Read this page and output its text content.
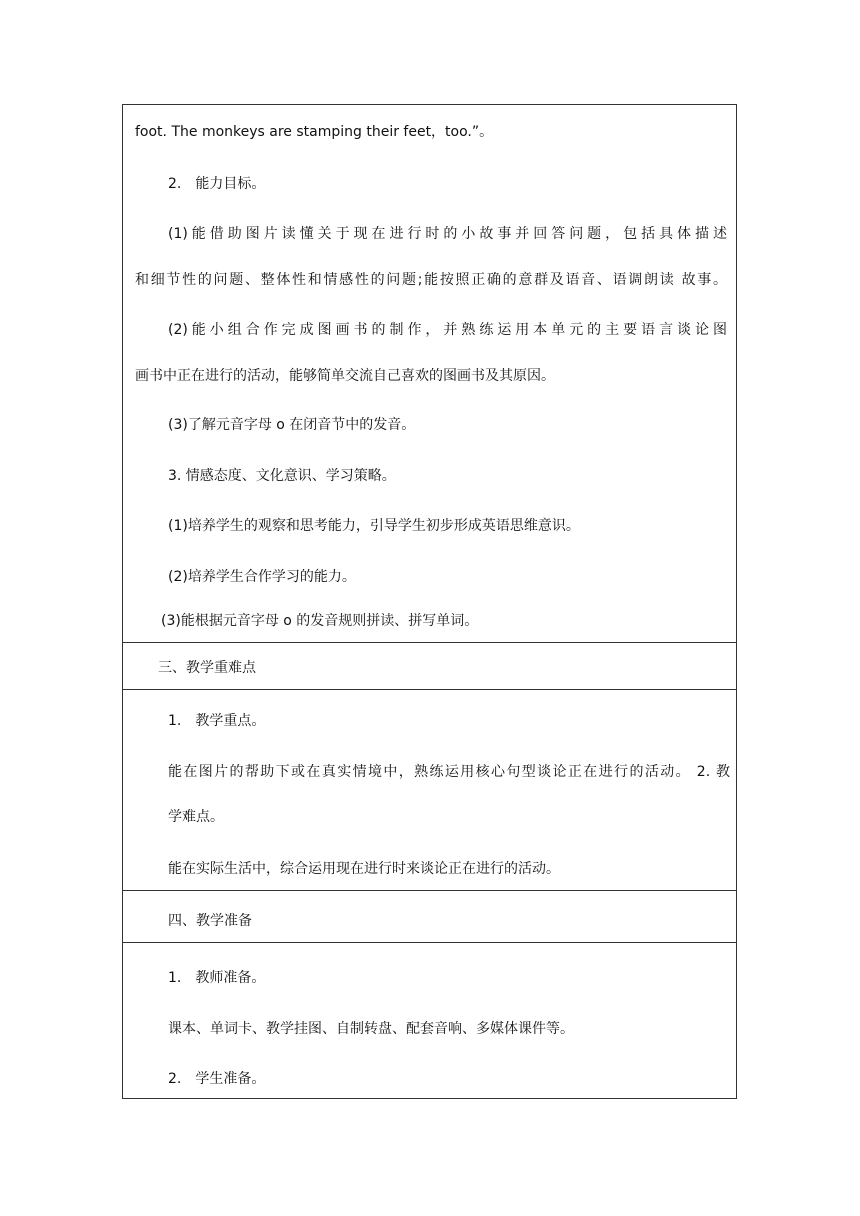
foot. The monkeys are stamping their feet，too.”。
2. 能力目标。
(1)能借助图片读懂关于现在进行时的小故事并回答问题，包括具体描述
和细节性的问题、整体性和情感性的问题;能按照正确的意群及语音、语调朗读 故事。
(2)能小组合作完成图画书的制作，并熟练运用本单元的主要语言谈论图
画书中正在进行的活动，能够简单交流自己喜欢的图画书及其原因。
(3)了解元音字母 o 在闭音节中的发音。
3. 情感态度、文化意识、学习策略。
(1)培养学生的观察和思考能力，引导学生初步形成英语思维意识。
(2)培养学生合作学习的能力。
(3)能根据元音字母 o 的发音规则拼读、拼写单词。
三、教学重难点
1. 教学重点。
能在图片的帮助下或在真实情境中，熟练运用核心句型谈论正在进行的活动。 2. 教
学难点。
能在实际生活中，综合运用现在进行时来谈论正在进行的活动。
四、教学准备
1. 教师准备。
课本、单词卡、教学挂图、自制转盘、配套音响、多媒体课件等。
2. 学生准备。
